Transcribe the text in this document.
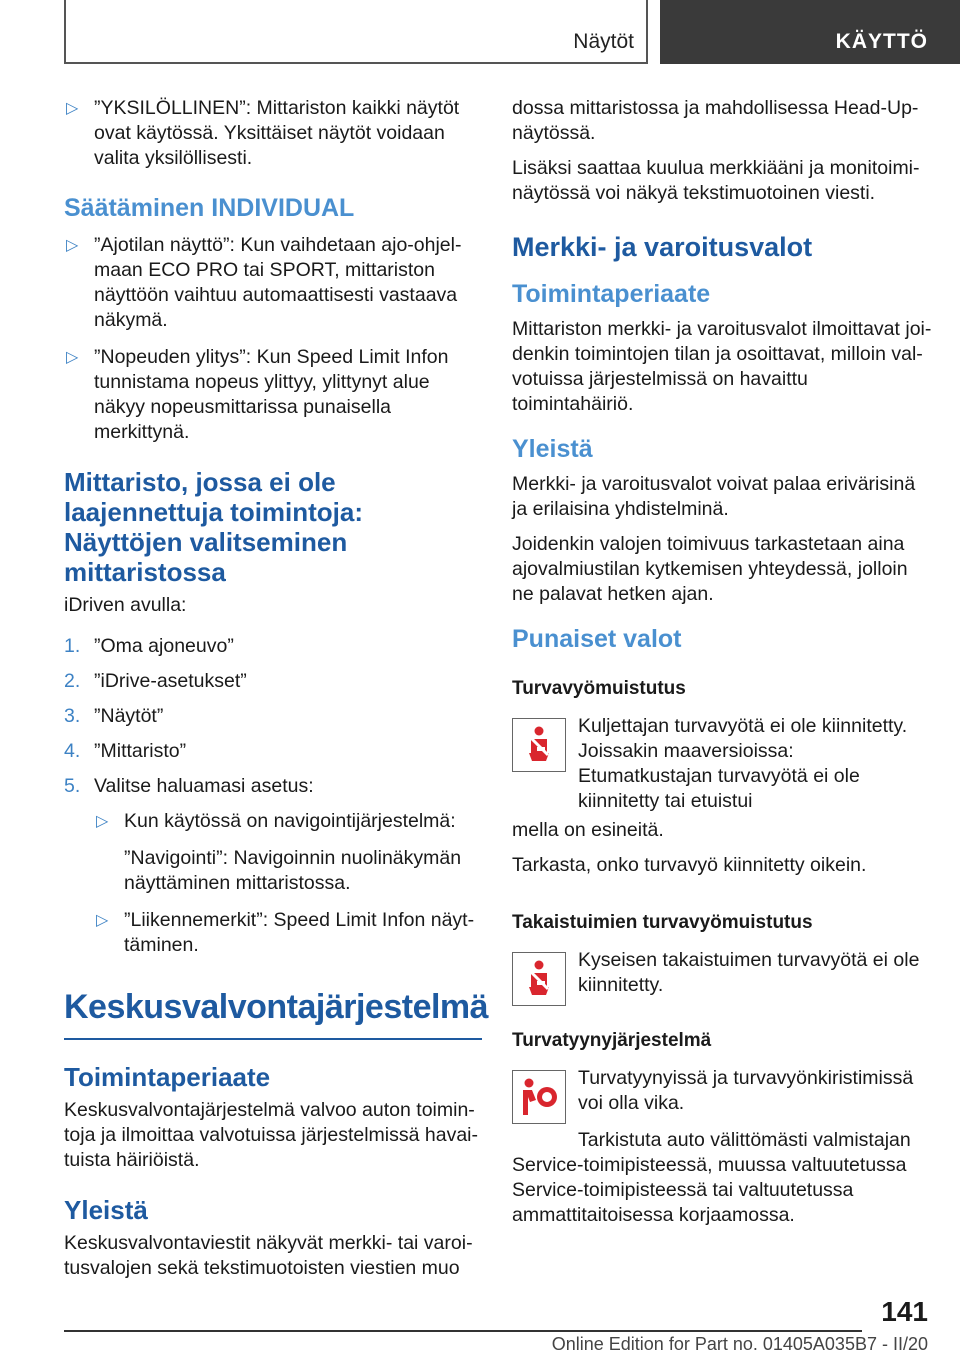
Näytöt	KÄYTTÖ
▷ ”YKSILÖLLINEN”: Mittariston kaikki näytöt ovat käytössä. Yksittäiset näytöt voidaan valita yksilöllisesti.
Säätäminen INDIVIDUAL
▷ ”Ajotilan näyttö”: Kun vaihdetaan ajo-ohjelmaan ECO PRO tai SPORT, mittariston näyttöön vaihtuu automaattisesti vastaava näkymä.
▷ ”Nopeuden ylitys”: Kun Speed Limit Infon tunnistama nopeus ylittyy, ylittynyt alue näkyy nopeusmittarissa punaisella merkittynä.
Mittaristo, jossa ei ole laajennettuja toimintoja: Näyttöjen valitseminen mittaristossa

iDriven avulla:

1. ”Oma ajoneuvo”
2. ”iDrive-asetukset”
3. ”Näytöt”
4. ”Mittaristo”
5. Valitse haluamasi asetus:
▷ Kun käytössä on navigointijärjestelmä:
”Navigointi”: Navigoinnin nuolinäkymän näyttäminen mittaristossa.
▷ ”Liikennemerkit”: Speed Limit Infon näyttäminen.
Keskusvalvontajärjestelmä
Toimintaperiaate

Keskusvalvontajärjestelmä valvoo auton toimintoja ja ilmoittaa valvotuissa järjestelmissä havaituista häiriöistä.

Yleistä

Keskusvalvontaviestit näkyvät merkki- tai varoitusvalojen sekä tekstimuotoisten viestien muo

dossa mittaristossa ja mahdollisessa Head-Up-näytössä.

Lisäksi saattaa kuulua merkkiääni ja monitoiminäytössä voi näkyä tekstimuotoinen viesti.

Merkki- ja varoitusvalot
Toimintaperiaate

Mittariston merkki- ja varoitusvalot ilmoittavat joidenkin toimintojen tilan ja osoittavat, milloin valvotuissa järjestelmissä on havaittu toimintahäiriö.

Yleistä

Merkki- ja varoitusvalot voivat palaa erivärisinä ja erilaisina yhdistelminä.

Joidenkin valojen toimivuus tarkastetaan aina ajovalmiustilan kytkemisen yhteydessä, jolloin ne palavat hetken ajan.

Punaiset valot
Turvavyömuistutus
Kuljettajan turvavyötä ei ole kiinnitetty. Joissakin maaversioissa: Etumatkustajan turvavyötä ei ole kiinnitetty tai etuistui

mella on esineitä.

Tarkasta, onko turvavyö kiinnitetty oikein.

Takaistuimien turvavyömuistutus
Kyseisen takaistuimen turvavyötä ei ole kiinnitetty.
Turvatyynyjärjestelmä
Turvatyynyissä ja turvavyönkiristimissä voi olla vika.

Tarkistuta auto välittömästi valmistajan Service-toimipisteessä, muussa valtuutetussa Service-toimipisteessä tai valtuutetussa ammattitaitoisessa korjaamossa.

141
Online Edition for Part no. 01405A035B7 - II/20
